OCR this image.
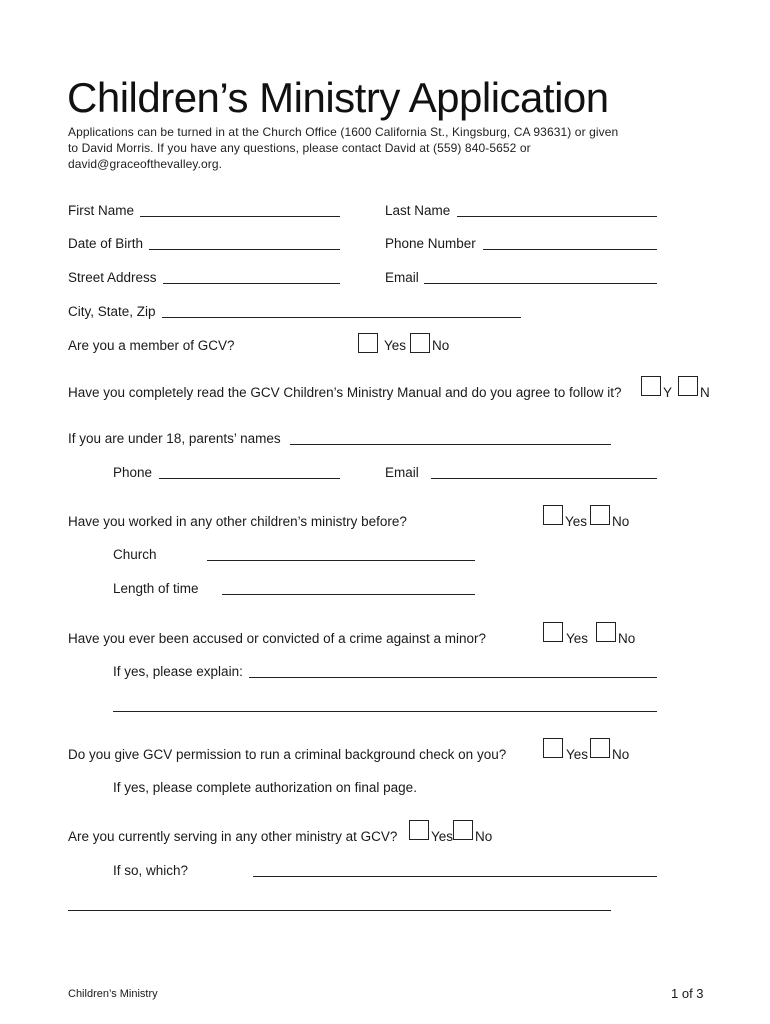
Children’s Ministry Application
Applications can be turned in at the Church Office (1600 California St., Kingsburg, CA 93631) or given to David Morris. If you have any questions, please contact David at (559) 840-5652 or david@graceofthevalley.org.
First Name	Last Name
Date of Birth	Phone Number
Street Address	Email
City, State, Zip
Are you a member of GCV?	Yes No
Have you completely read the GCV Children’s Ministry Manual and do you agree to follow it?	Y N
If you are under 18, parents’ names
Phone	Email
Have you worked in any other children’s ministry before?	Yes No
Church
Length of time
Have you ever been accused or convicted of a crime against a minor?	Yes No
If yes, please explain:
Do you give GCV permission to run a criminal background check on you?	Yes No
If yes, please complete authorization on final page.
Are you currently serving in any other ministry at GCV? Yes No
If so, which?
Children’s Ministry	1 of 3
